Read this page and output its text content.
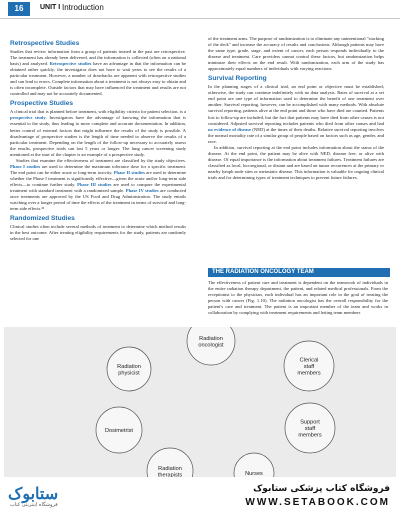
16	UNIT I Introduction
Retrospective Studies

Studies that review information from a group of patients treated in the past are retrospective. The treatment has already been delivered, and the information is collected (often on a national basis) and analyzed. Retrospective studies have an advantage in that the information can be obtained rather quickly; the investigator does not have to wait years to see the results of a particular treatment. However, a number of drawbacks are apparent with retrospective studies and can lead to errors. Complete information about a treatment is not always easy to obtain and is often incomplete. Outside factors that may have influenced the treatment and results are not controlled and may not be accurately documented.

Prospective Studies

A clinical trial that is planned before treatment, with eligibility criteria for patient selection, is a prospective study. Investigators have the advantage of knowing the information that is essential to the study, thus leading to more complete and accurate documentation. In addition, better control of external factors that might influence the results of the study is possible. A disadvantage of prospective studies is the length of time needed to observe the results of a particular treatment. Depending on the length of the follow-up necessary to accurately assess the results, prospective trials can last 5 years or longer. The lung cancer screening study mentioned at the start of the chapter is an example of a prospective study.

Studies that examine the effectiveness of treatment are classified by the study objectives. Phase I studies are used to determine the maximum tolerance dose for a specific treatment. The end point can be either acute or long-term toxicity. Phase II studies are used to determine whether the Phase I treatment is significantly effective—given the acute and/or long-term side effects—to continue further study. Phase III studies are used to compare the experimental treatment with standard treatment with a randomized sample. Phase IV studies are conducted once treatments are approved by the US Food and Drug Administration. The study entails watching over a longer period of time the effects of the treatment in terms of survival and long-term side effects.²³

Randomized Studies

Clinical studies often include several methods of treatment to determine which method results in the best outcome. After treating eligibility requirements for the study, patients are randomly selected for one

of the treatment arms. The purpose of randomization is to eliminate any unintentional "stacking of the deck" and increase the accuracy of results and conclusions. Although patients may have the same type, grade, stage, and extent of cancer, each person responds individually to the disease and treatment. Care providers cannot control these factors, but randomization helps minimize their effects on the end result. With randomization, each arm of the study has approximately equal numbers of individuals with varying reactions.

Survival Reporting

In the planning stages of a clinical trial, an end point or objective must be established; otherwise, the study can continue indefinitely with no data analysis. Rates of survival at a set end point are one type of information used to determine the benefit of one treatment over another. Survival reporting, however, can be accomplished with many methods. With absolute survival reporting, patients alive at the end point and those who have died are counted. Patients lost to follow-up are included, but the fact that patients may have died from other causes is not considered. Adjusted survival reporting includes patients who died from other causes and had no evidence of disease (NED) at the times of their deaths. Relative survival reporting involves the normal mortality rate of a similar group of people based on factors such as age, gender, and race.

In addition, survival reporting at the end point includes information about the status of the disease. At the end point, the patient may be alive with NED, disease free, or alive with disease. Of equal importance is the information about treatment failures. Treatment failures are classified as local, locoregional, or distant and are based on tumor recurrences at the primary or nearby lymph node sites or metastatic disease. This information is valuable for ongoing clinical trials and for determining types of treatment techniques to prevent future failures.

THE RADIATION ONCOLOGY TEAM
The effectiveness of patient care and treatment is dependent on the teamwork of individuals in the entire radiation therapy department, the patient, and related medical professionals. From the receptionist to the physician, each individual has an important role in the goal of treating the person with cancer (Fig. 1.10). The radiation oncologist has the overall responsibility for the patient's care and treatment. The patient is an important member of the team and works in collaboration by complying with treatment requirements and letting team members
Radiation
oncologist
Radiation
physicist
Clerical
staff
members
Dosimetrist
Support
staff
members
Radiation
therapists	Nurses
ستابوک
فروشگاه اینترنتی کتاب
فروشگاه کتاب پزشکی ستابوک
WWW.SETABOOK.COM
